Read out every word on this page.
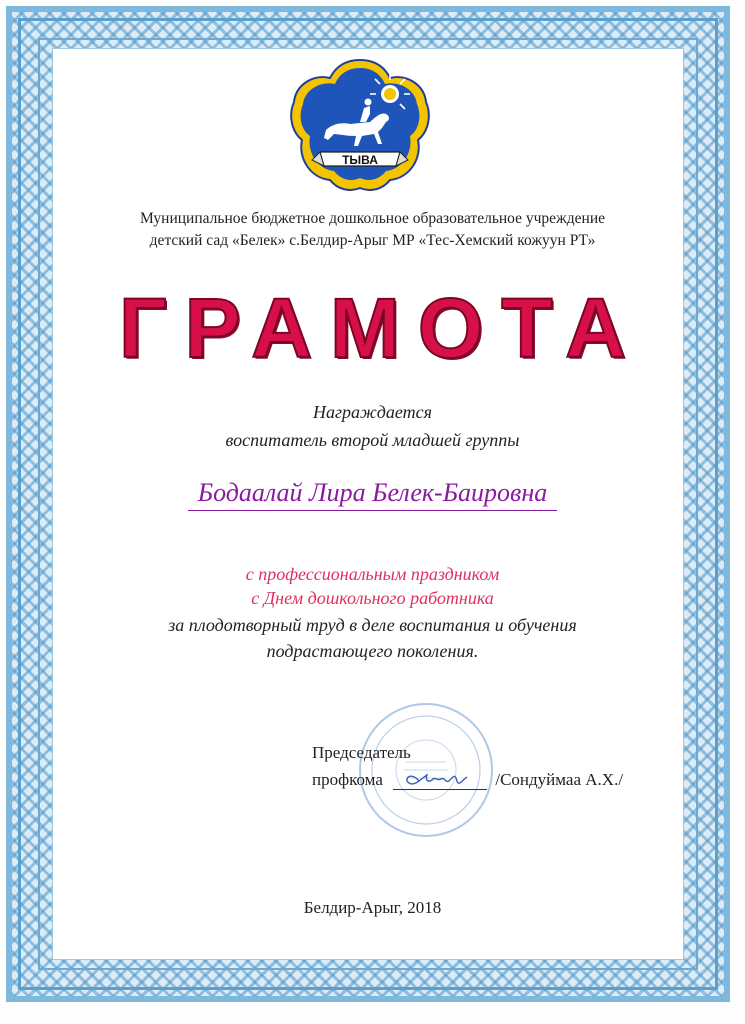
ТЫВА
Муниципальное бюджетное дошкольное образовательное учреждение
детский сад «Белек» с.Белдир-Арыг МР «Тес-Хемский кожуун РТ»
ГРАМОТА
Награждается
воспитатель второй младшей группы
Бодаалай Лира Белек-Баировна
с профессиональным праздником
с Днем дошкольного работника
за плодотворный труд в деле воспитания и обучения
подрастающего поколения.
Председатель
профкома	/Сондуймаа А.Х./
Белдир-Арыг, 2018
